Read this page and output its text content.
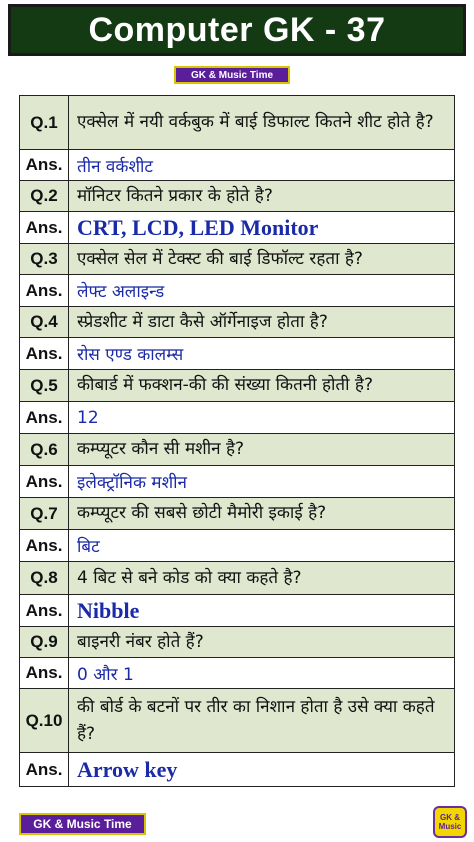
Computer GK - 37
GK & Music Time
Q.1	एक्सेल में नयी वर्कबुक में बाई डिफाल्ट कितने शीट होते है?
Ans.	तीन वर्कशीट
Q.2	मॉनिटर कितने प्रकार के होते है?
Ans.	CRT, LCD, LED Monitor
Q.3	एक्सेल सेल में टेक्स्ट की बाई डिफॉल्ट रहता है?
Ans.	लेफ्ट अलाइन्ड
Q.4	स्प्रेडशीट में डाटा कैसे ऑर्गेनाइज होता है?
Ans.	रोस एण्ड कालम्स
Q.5	कीबार्ड में फक्शन-की की संख्या कितनी होती है?
Ans.	12
Q.6	कम्प्यूटर कौन सी मशीन है?
Ans.	इलेक्ट्रॉनिक मशीन
Q.7	कम्प्यूटर की सबसे छोटी मैमोरी इकाई है?
Ans.	बिट
Q.8	4 बिट से बने कोड को क्या कहते है?
Ans.	Nibble
Q.9	बाइनरी नंबर होते हैं?
Ans.	0 और 1
Q.10	की बोर्ड के बटनों पर तीर का निशान होता है उसे क्या कहते हैं?
Ans.	Arrow key
GK & Music Time	GK &
Music
